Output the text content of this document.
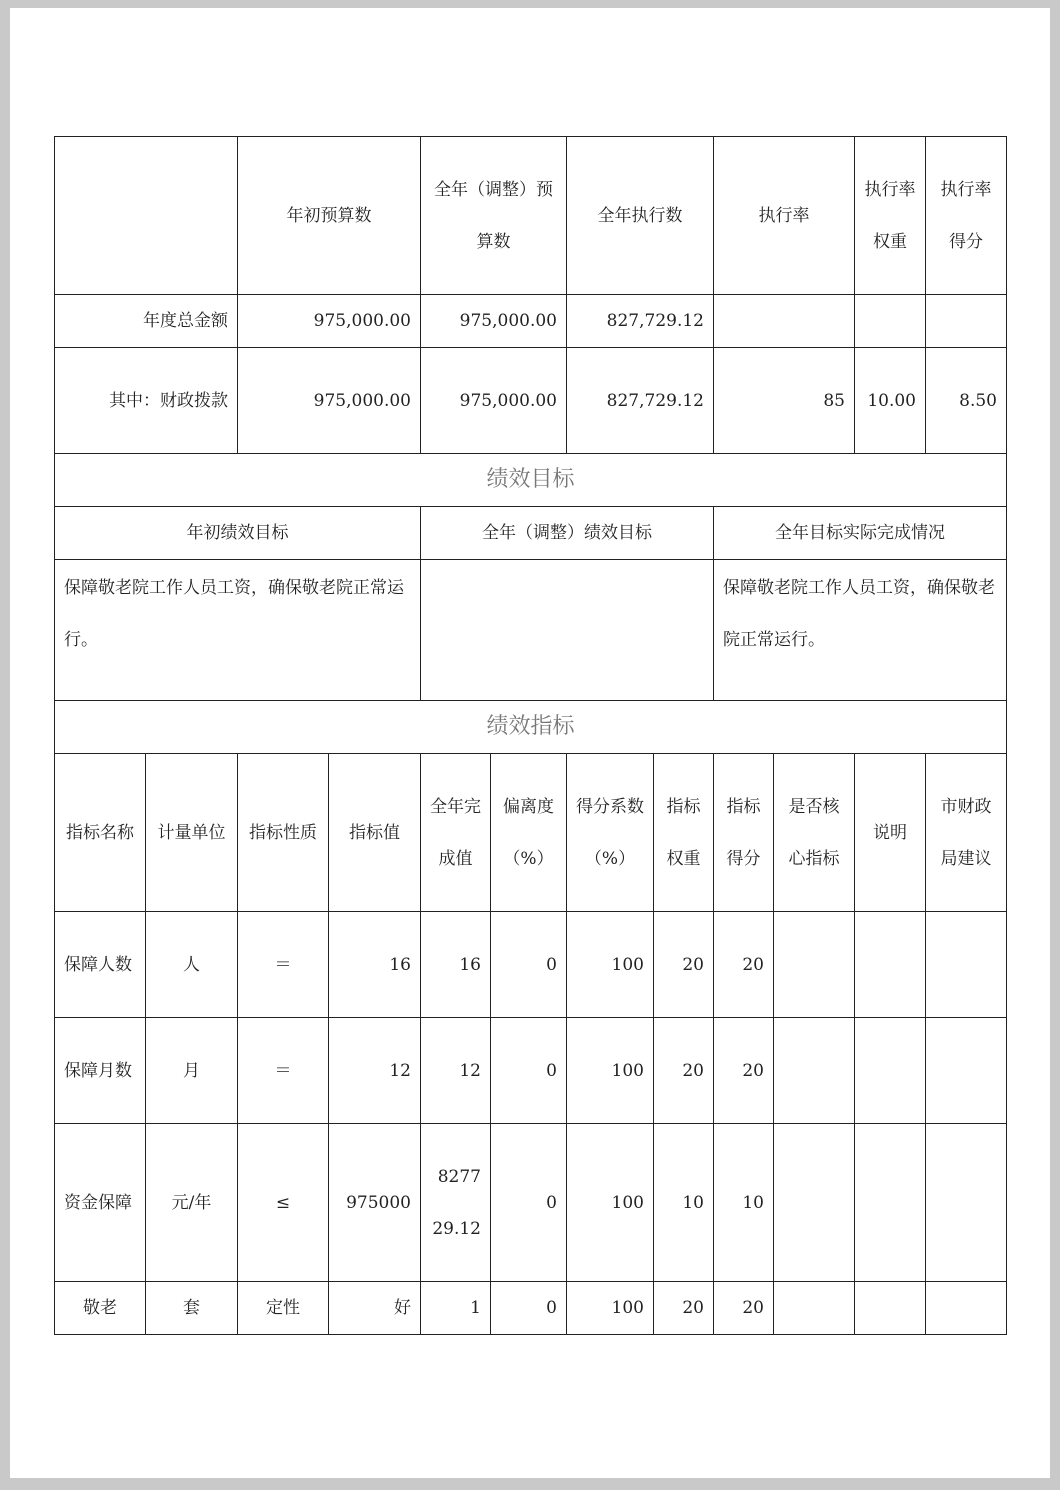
		年初预算数		全年（调整）预算数		全年执行数		执行率		执行率权重	执行率得分
年度总金额		975,000.00		975,000.00		827,729.12					
其中：财政拨款		975,000.00		975,000.00		827,729.12		85		10.00	8.50
绩效目标											
年初绩效目标				全年（调整）绩效目标				全年目标实际完成情况			
保障敬老院工作人员工资，确保敬老院正常运行。								保障敬老院工作人员工资，确保敬老院正常运行。			
绩效指标											
指标名称	计量单位	指标性质	指标值	全年完成值	偏离度（%）	得分系数（%）	指标权重	指标得分	是否核心指标	说明	市财政局建议
保障人数	人	＝	16	16	0	100	20	20			
保障月数	月	＝	12	12	0	100	20	20			
资金保障	元/年	≤	975000	827729.12	0	100	10	10			
敬老	套	定性	好	1	0	100	20	20			
